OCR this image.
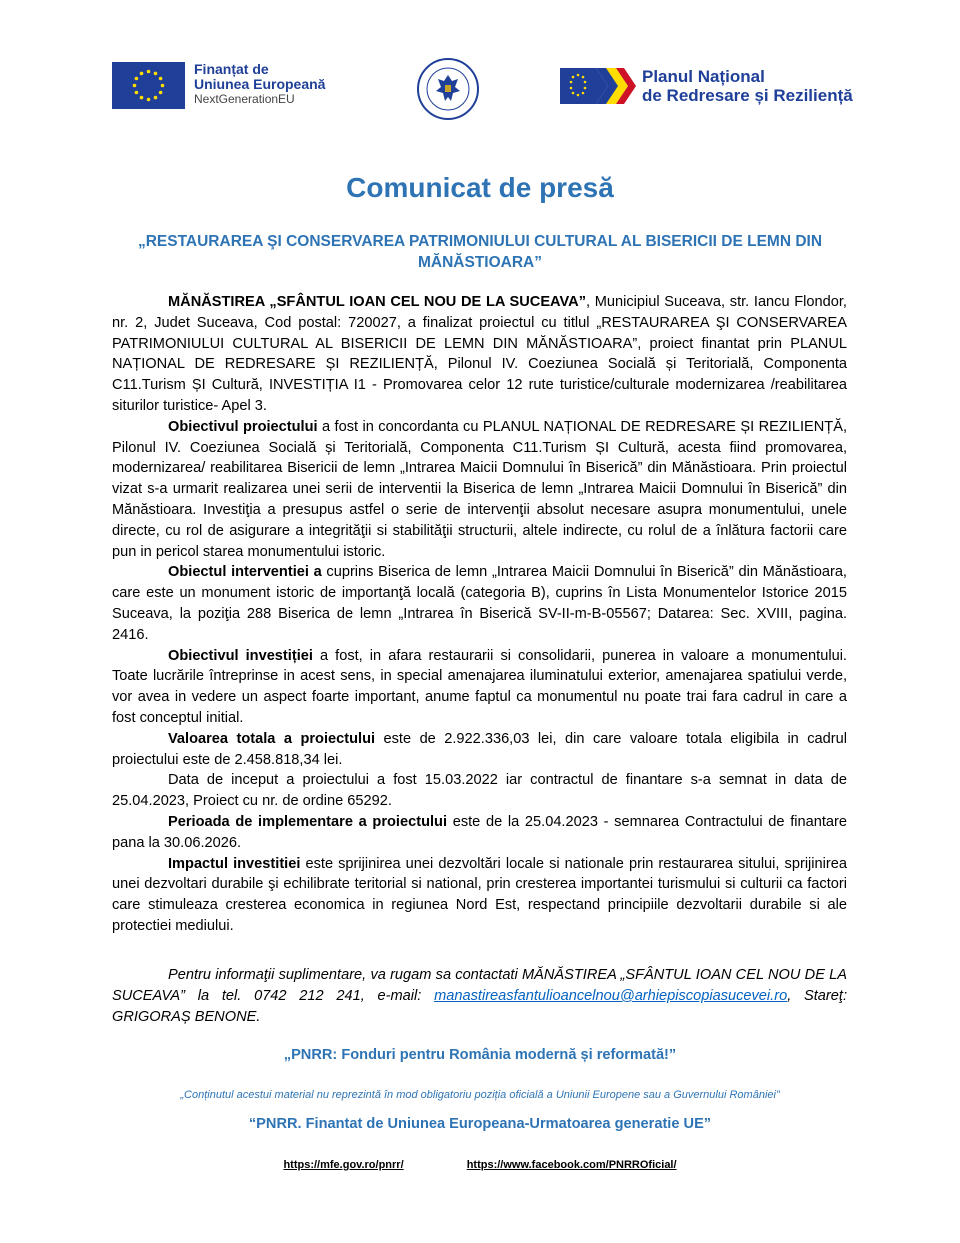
Finanțat de
Uniunea Europeană
NextGenerationEU
Planul Național
de Redresare și Reziliență
Comunicat de presă
„RESTAURAREA ŞI CONSERVAREA PATRIMONIULUI CULTURAL AL BISERICII DE LEMN DIN MĂNĂSTIOARA”

MĂNĂSTIREA „SFÂNTUL IOAN CEL NOU DE LA SUCEAVA”, Municipiul Suceava, str. Iancu Flondor, nr. 2, Judet Suceava, Cod postal: 720027, a finalizat proiectul cu titlul „RESTAURAREA ŞI CONSERVAREA PATRIMONIULUI CULTURAL AL BISERICII DE LEMN DIN MĂNĂSTIOARA”, proiect finantat prin PLANUL NAȚIONAL DE REDRESARE ȘI REZILIENȚĂ, Pilonul IV. Coeziunea Socială și Teritorială, Componenta C11.Turism ȘI Cultură, INVESTIȚIA I1 - Promovarea celor 12 rute turistice/culturale modernizarea /reabilitarea siturilor turistice- Apel 3.

Obiectivul proiectului a fost in concordanta cu PLANUL NAȚIONAL DE REDRESARE ȘI REZILIENȚĂ, Pilonul IV. Coeziunea Socială și Teritorială, Componenta C11.Turism ȘI Cultură, acesta fiind promovarea, modernizarea/ reabilitarea Bisericii de lemn „Intrarea Maicii Domnului în Biserică” din Mănăstioara. Prin proiectul vizat s-a urmarit realizarea unei serii de interventii la Biserica de lemn „Intrarea Maicii Domnului în Biserică” din Mănăstioara. Investiţia a presupus astfel o serie de intervenţii absolut necesare asupra monumentului, unele directe, cu rol de asigurare a integrităţii si stabilităţii structurii, altele indirecte, cu rolul de a înlătura factorii care pun in pericol starea monumentului istoric.

Obiectul interventiei a cuprins Biserica de lemn „Intrarea Maicii Domnului în Biserică” din Mănăstioara, care este un monument istoric de importanţă locală (categoria B), cuprins în Lista Monumentelor Istorice 2015 Suceava, la poziţia 288 Biserica de lemn „Intrarea în Biserică SV-II-m-B-05567; Datarea: Sec. XVIII, pagina. 2416.

Obiectivul investiției a fost, in afara restaurarii si consolidarii, punerea in valoare a monumentului. Toate lucrările întreprinse in acest sens, in special amenajarea iluminatului exterior, amenajarea spatiului verde, vor avea in vedere un aspect foarte important, anume faptul ca monumentul nu poate trai fara cadrul in care a fost conceptul initial.

Valoarea totala a proiectului este de 2.922.336,03 lei, din care valoare totala eligibila in cadrul proiectului este de 2.458.818,34 lei.

Data de inceput a proiectului a fost 15.03.2022 iar contractul de finantare s-a semnat in data de 25.04.2023, Proiect cu nr. de ordine 65292.

Perioada de implementare a proiectului este de la 25.04.2023 - semnarea Contractului de finantare pana la 30.06.2026.

Impactul investitiei este sprijinirea unei dezvoltări locale si nationale prin restaurarea sitului, sprijinirea unei dezvoltari durabile şi echilibrate teritorial si national, prin cresterea importantei turismului si culturii ca factori care stimuleaza cresterea economica in regiunea Nord Est, respectand principiile dezvoltarii durabile si ale protectiei mediului.

Pentru informaţii suplimentare, va rugam sa contactati MĂNĂSTIREA „SFÂNTUL IOAN CEL NOU DE LA SUCEAVA” la tel. 0742 212 241, e-mail: manastireasfantulioancelnou@arhiepiscopiasucevei.ro, Stareţ: GRIGORAȘ BENONE.

„PNRR: Fonduri pentru România modernă și reformată!”
„Conținutul acestui material nu reprezintă în mod obligatoriu poziția oficială a Uniunii Europene sau a Guvernului României”
“PNRR. Finantat de Uniunea Europeana-Urmatoarea generatie UE”
https://mfe.gov.ro/pnrr/	https://www.facebook.com/PNRROficial/
